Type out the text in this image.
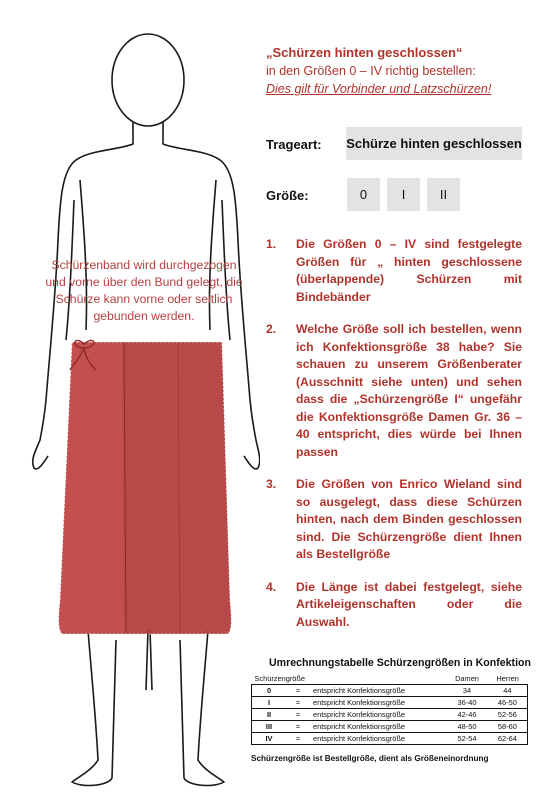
Schürzenband wird durchgezogen und vorne über den Bund gelegt, die Schürze kann vorne oder seitlich gebunden werden.
„Schürzen hinten geschlossen“
in den Größen 0 – IV richtig bestellen:
Dies gilt für Vorbinder und Latzschürzen!
Trageart: Schürze hinten geschlossen
Größe:	0	I	II
1. Die Größen 0 – IV sind festgelegte Größen für „ hinten geschlossene (überlappende) Schürzen mit Bindebänder
2. Welche Größe soll ich bestellen, wenn ich Konfektionsgröße 38 habe? Sie schauen zu unserem Größenberater (Ausschnitt siehe unten) und sehen dass die „Schürzengröße I“ ungefähr die Konfektionsgröße Damen Gr. 36 – 40 entspricht, dies würde bei Ihnen passen
3. Die Größen von Enrico Wieland sind so ausgelegt, dass diese Schürzen hinten, nach dem Binden geschlossen sind. Die Schürzengröße dient Ihnen als Bestellgröße
4. Die Länge ist dabei festgelegt, siehe Artikeleigenschaften oder die Auswahl.
Umrechnungstabelle Schürzengrößen in Konfektion
Schürzengröße			Damen	Herren
0	=	entspricht Konfektionsgröße	34	44
I	=	entspricht Konfektionsgröße	36-40	46-50
II	=	entspricht Konfektionsgröße	42-46	52-56
III	=	entspricht Konfektionsgröße	48-50	58-60
IV	=	entspricht Konfektionsgröße	52-54	62-64
Schürzengröße ist Bestellgröße, dient als Größeneinordnung
